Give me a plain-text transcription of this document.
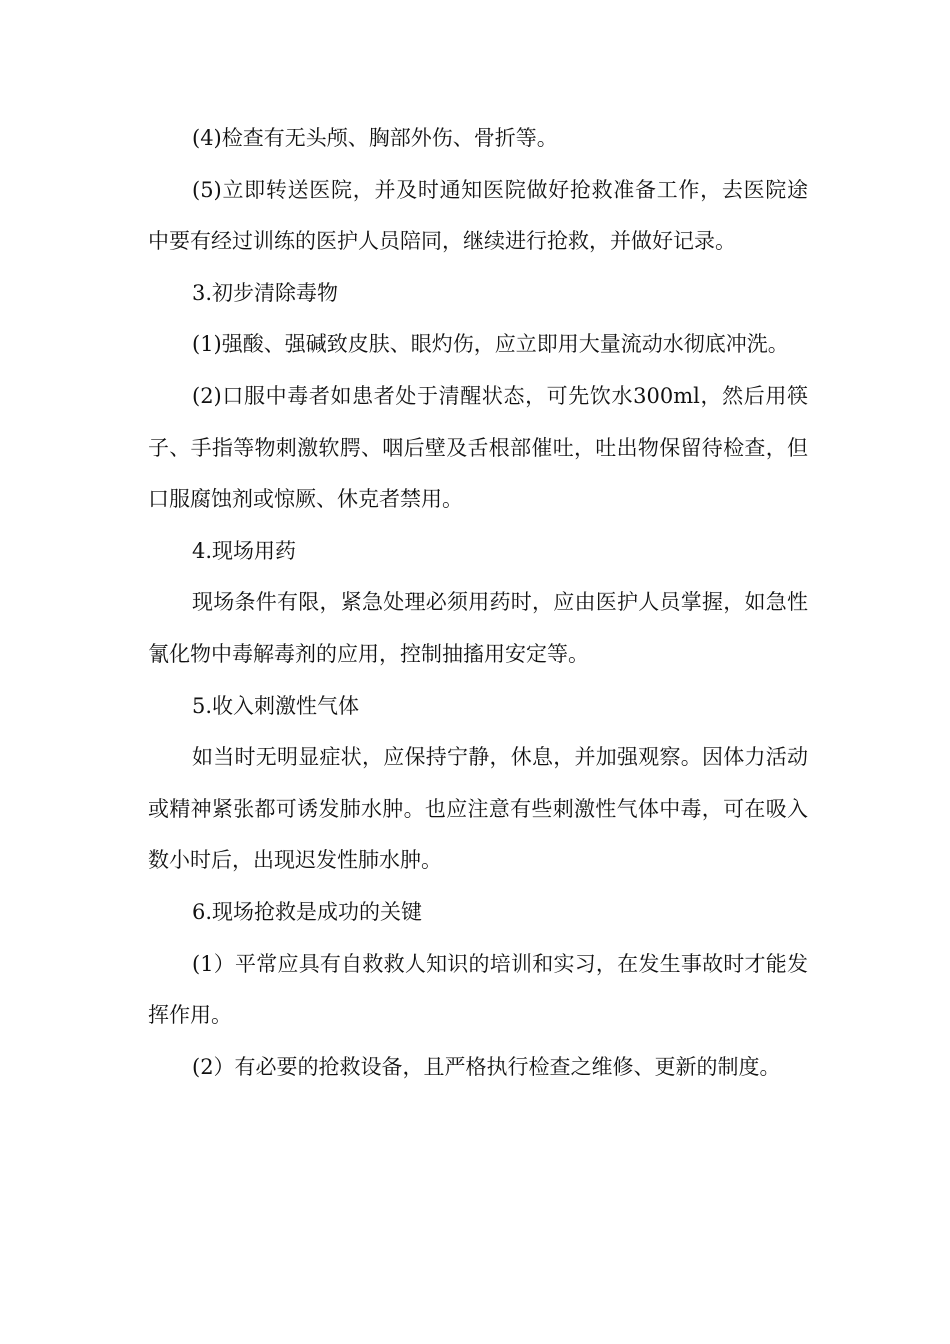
(4)检查有无头颅、胸部外伤、骨折等。

(5)立即转送医院，并及时通知医院做好抢救准备工作，去医院途中要有经过训练的医护人员陪同，继续进行抢救，并做好记录。

3.初步清除毒物

(1)强酸、强碱致皮肤、眼灼伤，应立即用大量流动水彻底冲洗。

(2)口服中毒者如患者处于清醒状态，可先饮水300ml，然后用筷子、手指等物刺激软腭、咽后壁及舌根部催吐，吐出物保留待检查，但口服腐蚀剂或惊厥、休克者禁用。

4.现场用药

现场条件有限，紧急处理必须用药时，应由医护人员掌握，如急性氰化物中毒解毒剂的应用，控制抽搐用安定等。

5.收入刺激性气体

如当时无明显症状，应保持宁静，休息，并加强观察。因体力活动或精神紧张都可诱发肺水肿。也应注意有些刺激性气体中毒，可在吸入数小时后，出现迟发性肺水肿。

6.现场抢救是成功的关键

(1）平常应具有自救救人知识的培训和实习，在发生事故时才能发挥作用。

(2）有必要的抢救设备，且严格执行检查之维修、更新的制度。
